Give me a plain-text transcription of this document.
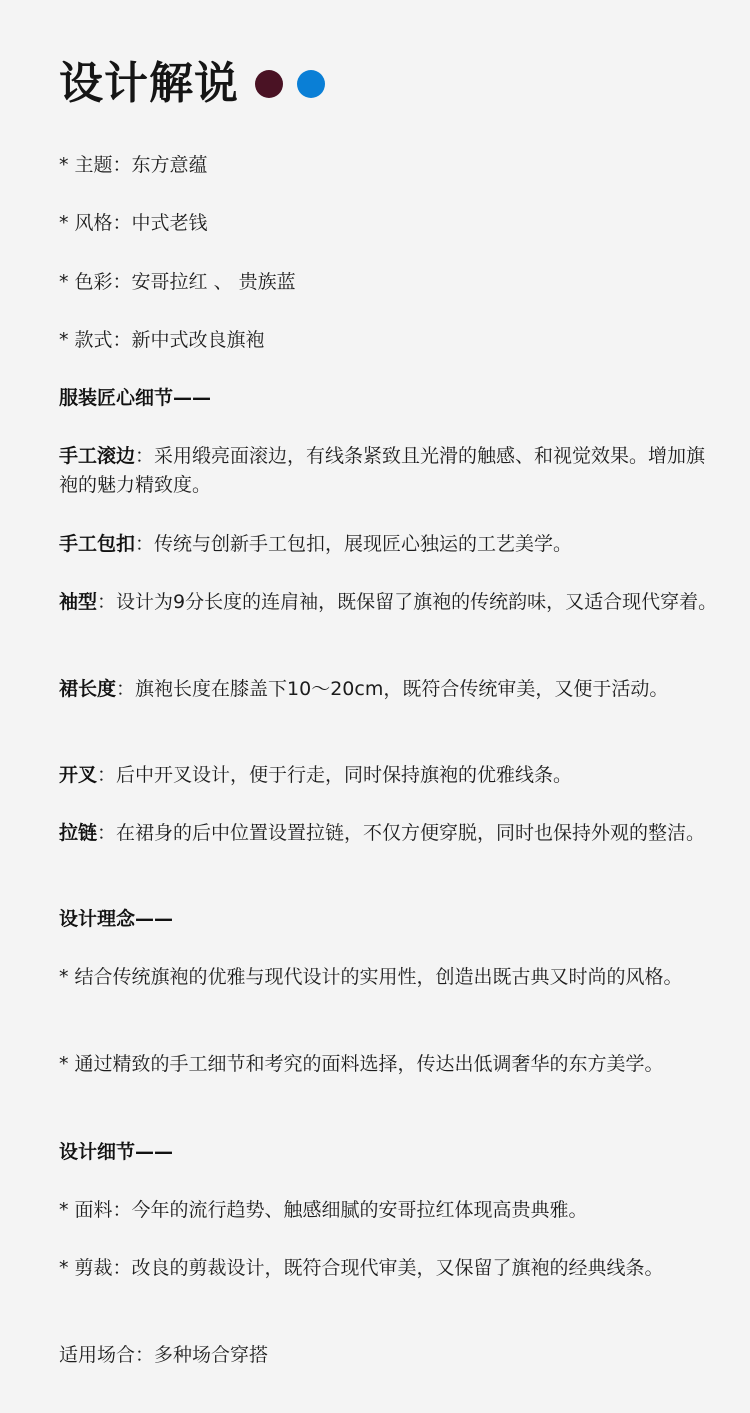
设计解说

* 主题：东方意蕴

* 风格：中式老钱

* 色彩：安哥拉红 、 贵族蓝

* 款式：新中式改良旗袍

服装匠心细节——

手工滚边：采用缎亮面滚边，有线条紧致且光滑的触感、和视觉效果。增加旗袍的魅力精致度。

手工包扣：传统与创新手工包扣，展现匠心独运的工艺美学。

袖型：设计为9分长度的连肩袖，既保留了旗袍的传统韵味，又适合现代穿着。

裙长度：旗袍长度在膝盖下10～20cm，既符合传统审美，又便于活动。

开叉：后中开叉设计，便于行走，同时保持旗袍的优雅线条。

拉链：在裙身的后中位置设置拉链，不仅方便穿脱，同时也保持外观的整洁。

设计理念——

* 结合传统旗袍的优雅与现代设计的实用性，创造出既古典又时尚的风格。

* 通过精致的手工细节和考究的面料选择，传达出低调奢华的东方美学。

设计细节——

* 面料：今年的流行趋势、触感细腻的安哥拉红体现高贵典雅。

* 剪裁：改良的剪裁设计，既符合现代审美，又保留了旗袍的经典线条。

适用场合：多种场合穿搭
